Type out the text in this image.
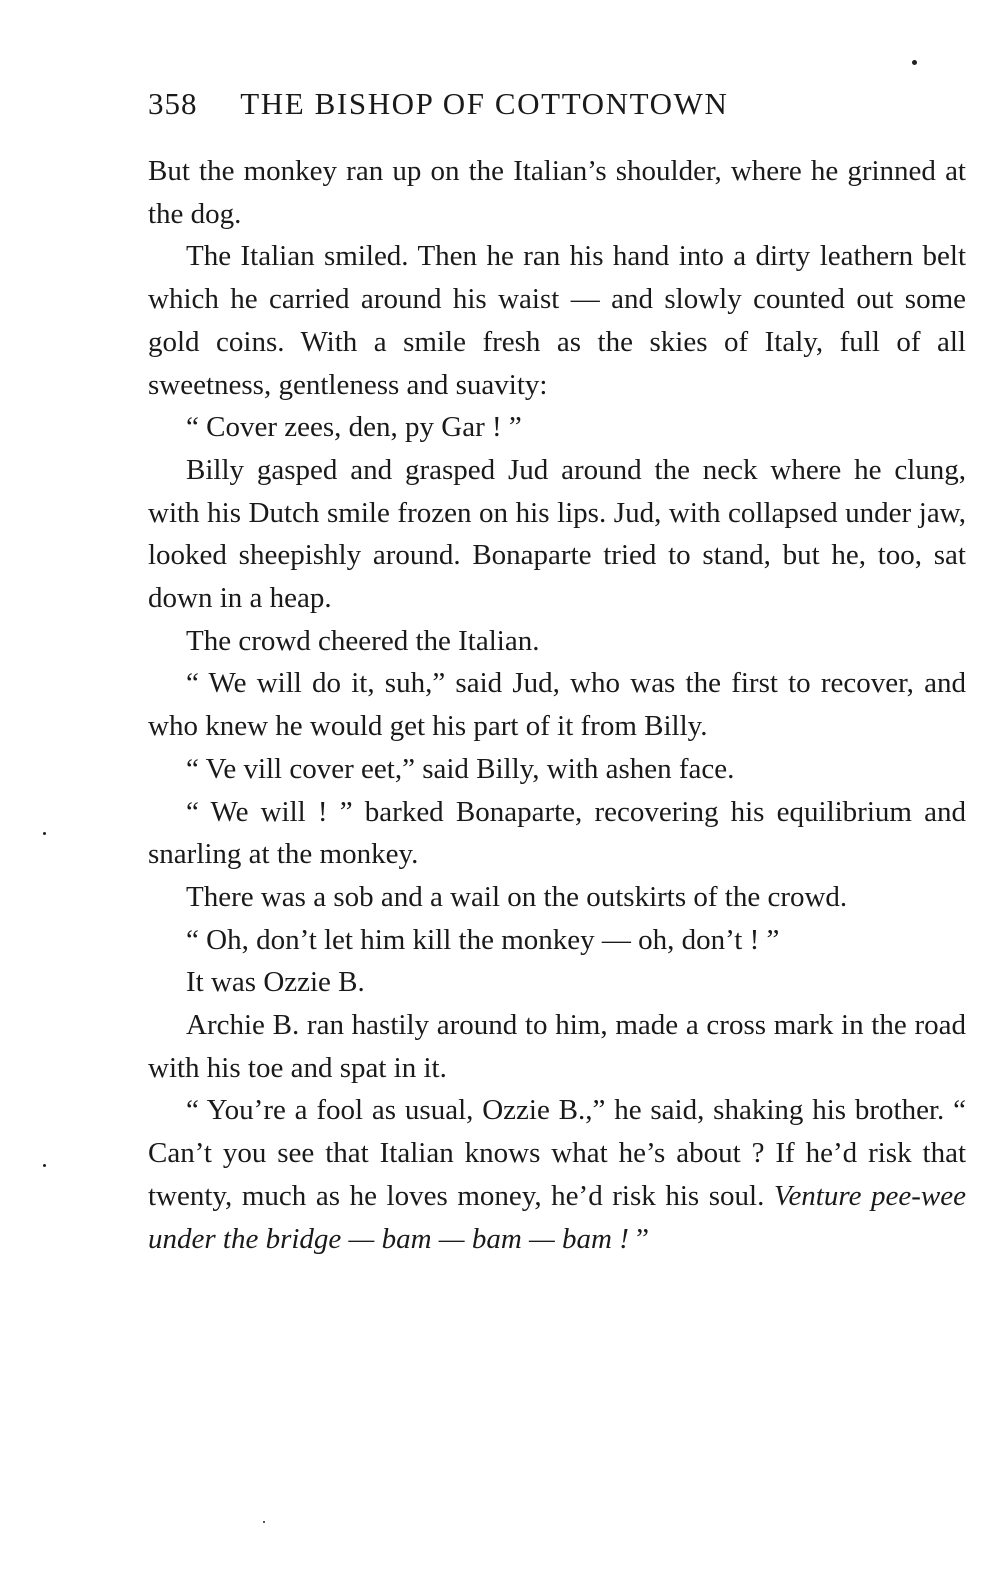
358 THE BISHOP OF COTTONTOWN

But the monkey ran up on the Italian’s shoulder, where he grinned at the dog.

The Italian smiled. Then he ran his hand into a dirty leathern belt which he carried around his waist — and slowly counted out some gold coins. With a smile fresh as the skies of Italy, full of all sweetness, gentleness and suavity:

“ Cover zees, den, py Gar ! ”

Billy gasped and grasped Jud around the neck where he clung, with his Dutch smile frozen on his lips. Jud, with collapsed under jaw, looked sheepishly around. Bonaparte tried to stand, but he, too, sat down in a heap.

The crowd cheered the Italian.

“ We will do it, suh,” said Jud, who was the first to recover, and who knew he would get his part of it from Billy.

“ Ve vill cover eet,” said Billy, with ashen face.

“ We will ! ” barked Bonaparte, recovering his equilibrium and snarling at the monkey.

There was a sob and a wail on the outskirts of the crowd.

“ Oh, don’t let him kill the monkey — oh, don’t ! ”

It was Ozzie B.

Archie B. ran hastily around to him, made a cross mark in the road with his toe and spat in it.

“ You’re a fool as usual, Ozzie B.,” he said, shaking his brother. “ Can’t you see that Italian knows what he’s about ? If he’d risk that twenty, much as he loves money, he’d risk his soul. Venture pee-wee under the bridge — bam — bam — bam ! ”
